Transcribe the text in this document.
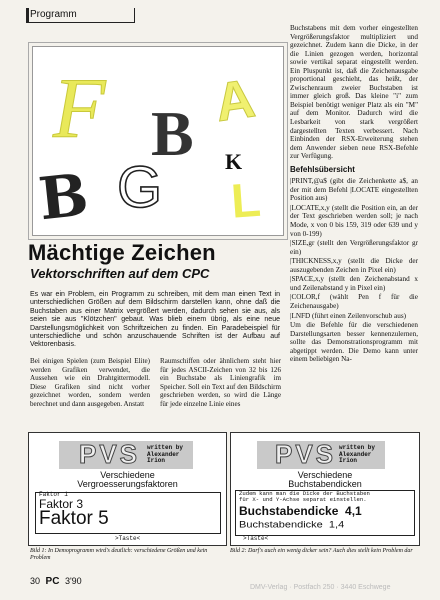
Programm
F A
B
B G	K
L

Buchstabens mit dem vorher eingestellten Vergrößerungsfaktor multipliziert und gezeichnet. Zudem kann die Dicke, in der die Linien gezogen werden, horizontal sowie vertikal separat eingestellt werden. Ein Pluspunkt ist, daß die Zeichenausgabe proportional geschieht, das heißt, der Zwischenraum zweier Buchstaben ist immer gleich groß. Das kleine "i" zum Beispiel benötigt weniger Platz als ein "M" auf dem Monitor. Dadurch wird die Lesbarkeit von stark vergrößert dargestellten Texten verbessert. Nach Einbinden der RSX-Erweiterung stehen dem Anwender sieben neue RSX-Befehle zur Verfügung.

Befehlsübersicht

|PRINT,@a$ (gibt die Zeichenkette a$, an der mit dem Befehl |LOCATE eingestellten Position aus)

|LOCATE,x,y (stellt die Position ein, an der der Text geschrieben werden soll; je nach Mode, x von 0 bis 159, 319 oder 639 und y von 0-199)

|SIZE,gr (stellt den Vergrößerungsfaktor gr ein)

|THICKNESS,x,y (stellt die Dicke der auszugebenden Zeichen in Pixel ein)

|SPACE,x,y (stellt den Zeichenabstand x und Zeilenabstand y in Pixel ein)

|COLOR,f (wählt Pen f für die Zeichenausgabe)

|LNFD (führt einen Zeilenvorschub aus)

Um die Befehle für die verschiedenen Darstellungsarten besser kennenzulernen, sollte das Demonstrationsprogramm mit abgetippt werden. Die Demo kann unter einem beliebigen Na-

Mächtige Zeichen
Vektorschriften auf dem CPC
Es war ein Problem, ein Programm zu schreiben, mit dem man einen Text in unterschiedlichen Größen auf dem Bildschirm darstellen kann, ohne daß die Buchstaben aus einer Matrix vergrößert werden, dadurch sehen sie aus, als seien sie aus "Klötzchen" gebaut. Was blieb einem übrig, als eine neue Darstellungsmöglichkeit von Schriftzeichen zu finden. Ein Paradebeispiel für unterschiedliche und schön anzuschauende Schriften ist der Aufbau auf Vektorenbasis.
Bei einigen Spielen (zum Beispiel Elite) werden Grafiken verwendet, die Aussehen wie ein Drahtgittermodell. Diese Grafiken sind nicht vorher gezeichnet worden, sondern werden berechnet und dann ausgegeben. Anstatt
Raumschiffen oder ähnlichem steht hier für jedes ASCII-Zeichen von 32 bis 126 ein Buchstabe als Liniengrafik im Speicher. Soll ein Text auf den Bildschirm geschrieben werden, so wird die Länge für jede einzelne Linie eines
PVS written by
Alexander
Irion
Verschiedene
Vergroesserungsfaktoren
Faktor 1
Faktor 3
Faktor 5
>Taste<
PVS written by
Alexander
Irion
Verschiedene
Buchstabendicken
Zudem kann man die Dicke der Buchstaben
für X- und Y-Achse separat einstellen.
Buchstabendicke  4,1
Buchstabendicke  1,4
>Taste<
Bild 1: In Demoprogramm wird's deutlich: verschiedene Größen und kein Problem
Bild 2: Darf's auch ein wenig dicker sein? Auch dies stellt kein Problem dar
30 PC 3'90
DMV-Verlag · Postfach 250 · 3440 Eschwege
